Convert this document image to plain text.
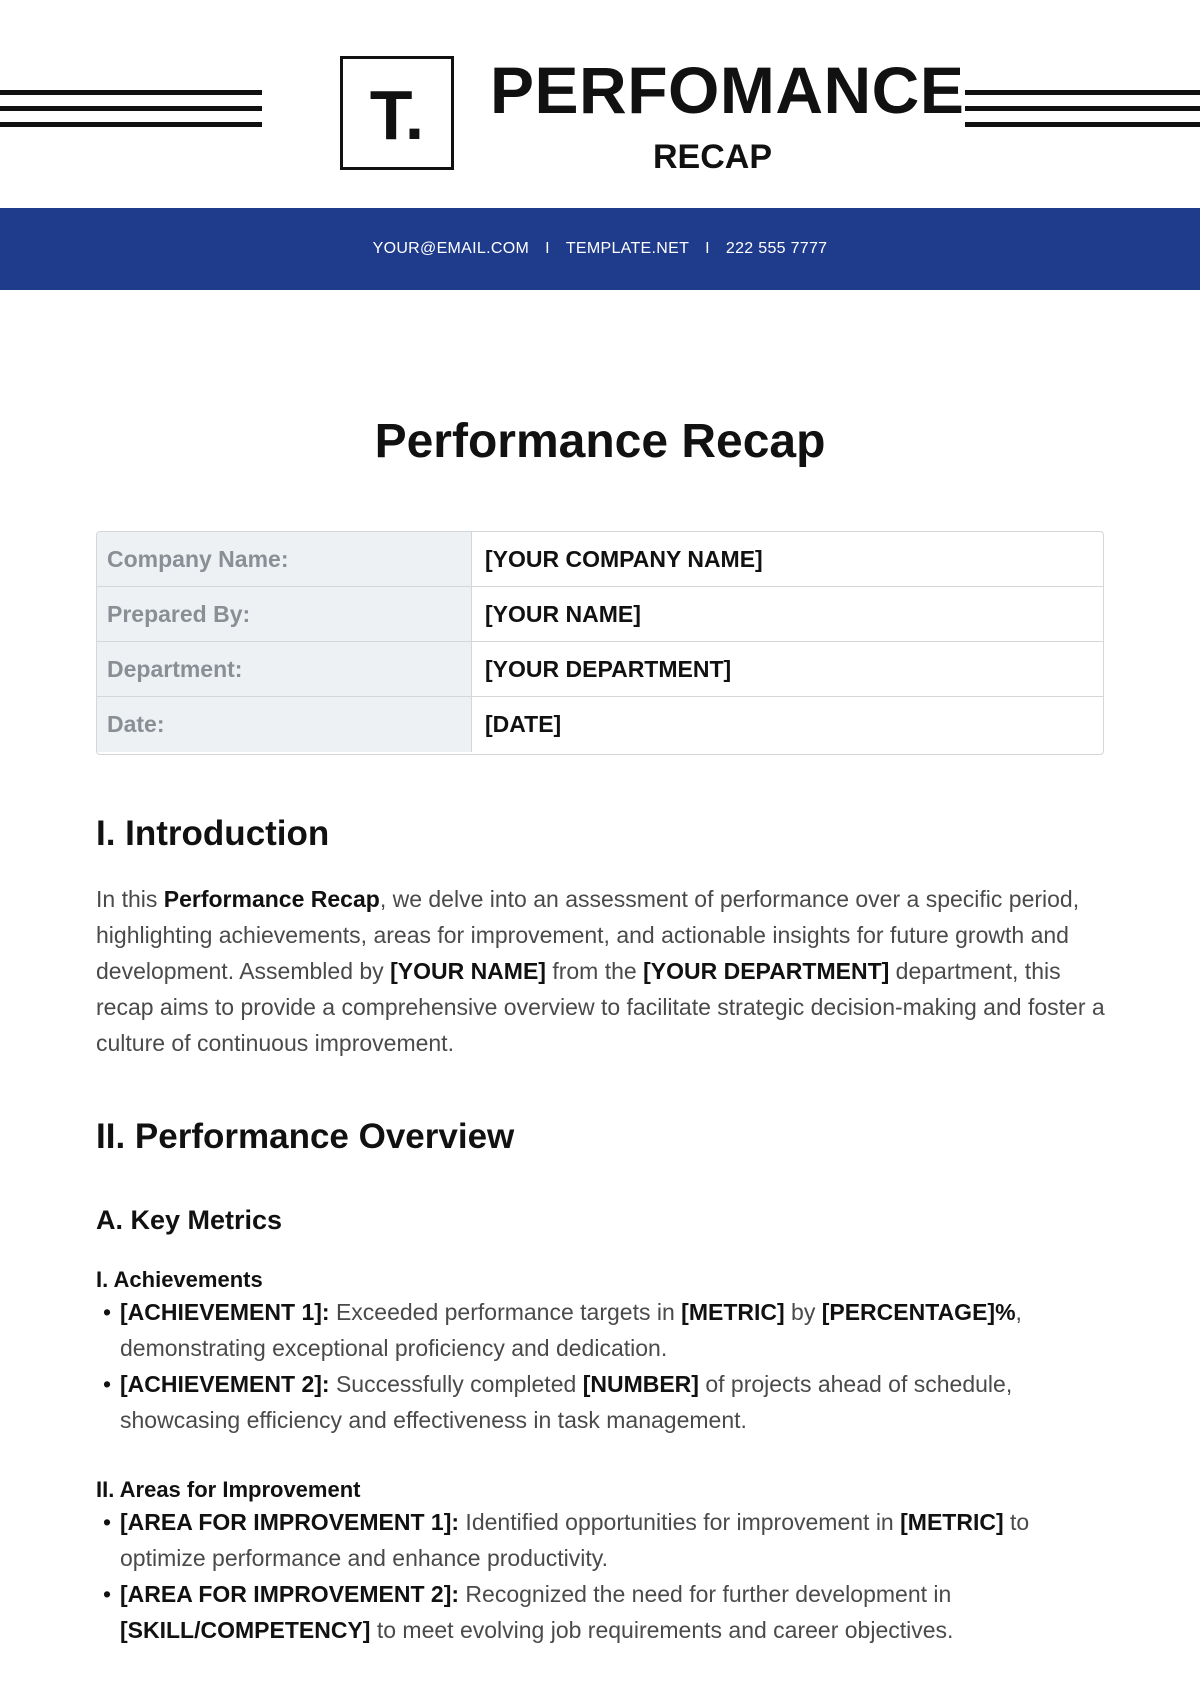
T. PERFOMANCE
RECAP
YOUR@EMAIL.COM I TEMPLATE.NET I 222 555 7777
Performance Recap
Company Name:	[YOUR COMPANY NAME]
Prepared By:	[YOUR NAME]
Department:	[YOUR DEPARTMENT]
Date:	[DATE]
I. Introduction

In this Performance Recap, we delve into an assessment of performance over a specific period, highlighting achievements, areas for improvement, and actionable insights for future growth and development. Assembled by [YOUR NAME] from the [YOUR DEPARTMENT] department, this recap aims to provide a comprehensive overview to facilitate strategic decision-making and foster a culture of continuous improvement.

II. Performance Overview
A. Key Metrics
I. Achievements
• [ACHIEVEMENT 1]: Exceeded performance targets in [METRIC] by [PERCENTAGE]%, demonstrating exceptional proficiency and dedication.
• [ACHIEVEMENT 2]: Successfully completed [NUMBER] of projects ahead of schedule, showcasing efficiency and effectiveness in task management.
II. Areas for Improvement
• [AREA FOR IMPROVEMENT 1]: Identified opportunities for improvement in [METRIC] to optimize performance and enhance productivity.
• [AREA FOR IMPROVEMENT 2]: Recognized the need for further development in [SKILL/COMPETENCY] to meet evolving job requirements and career objectives.
